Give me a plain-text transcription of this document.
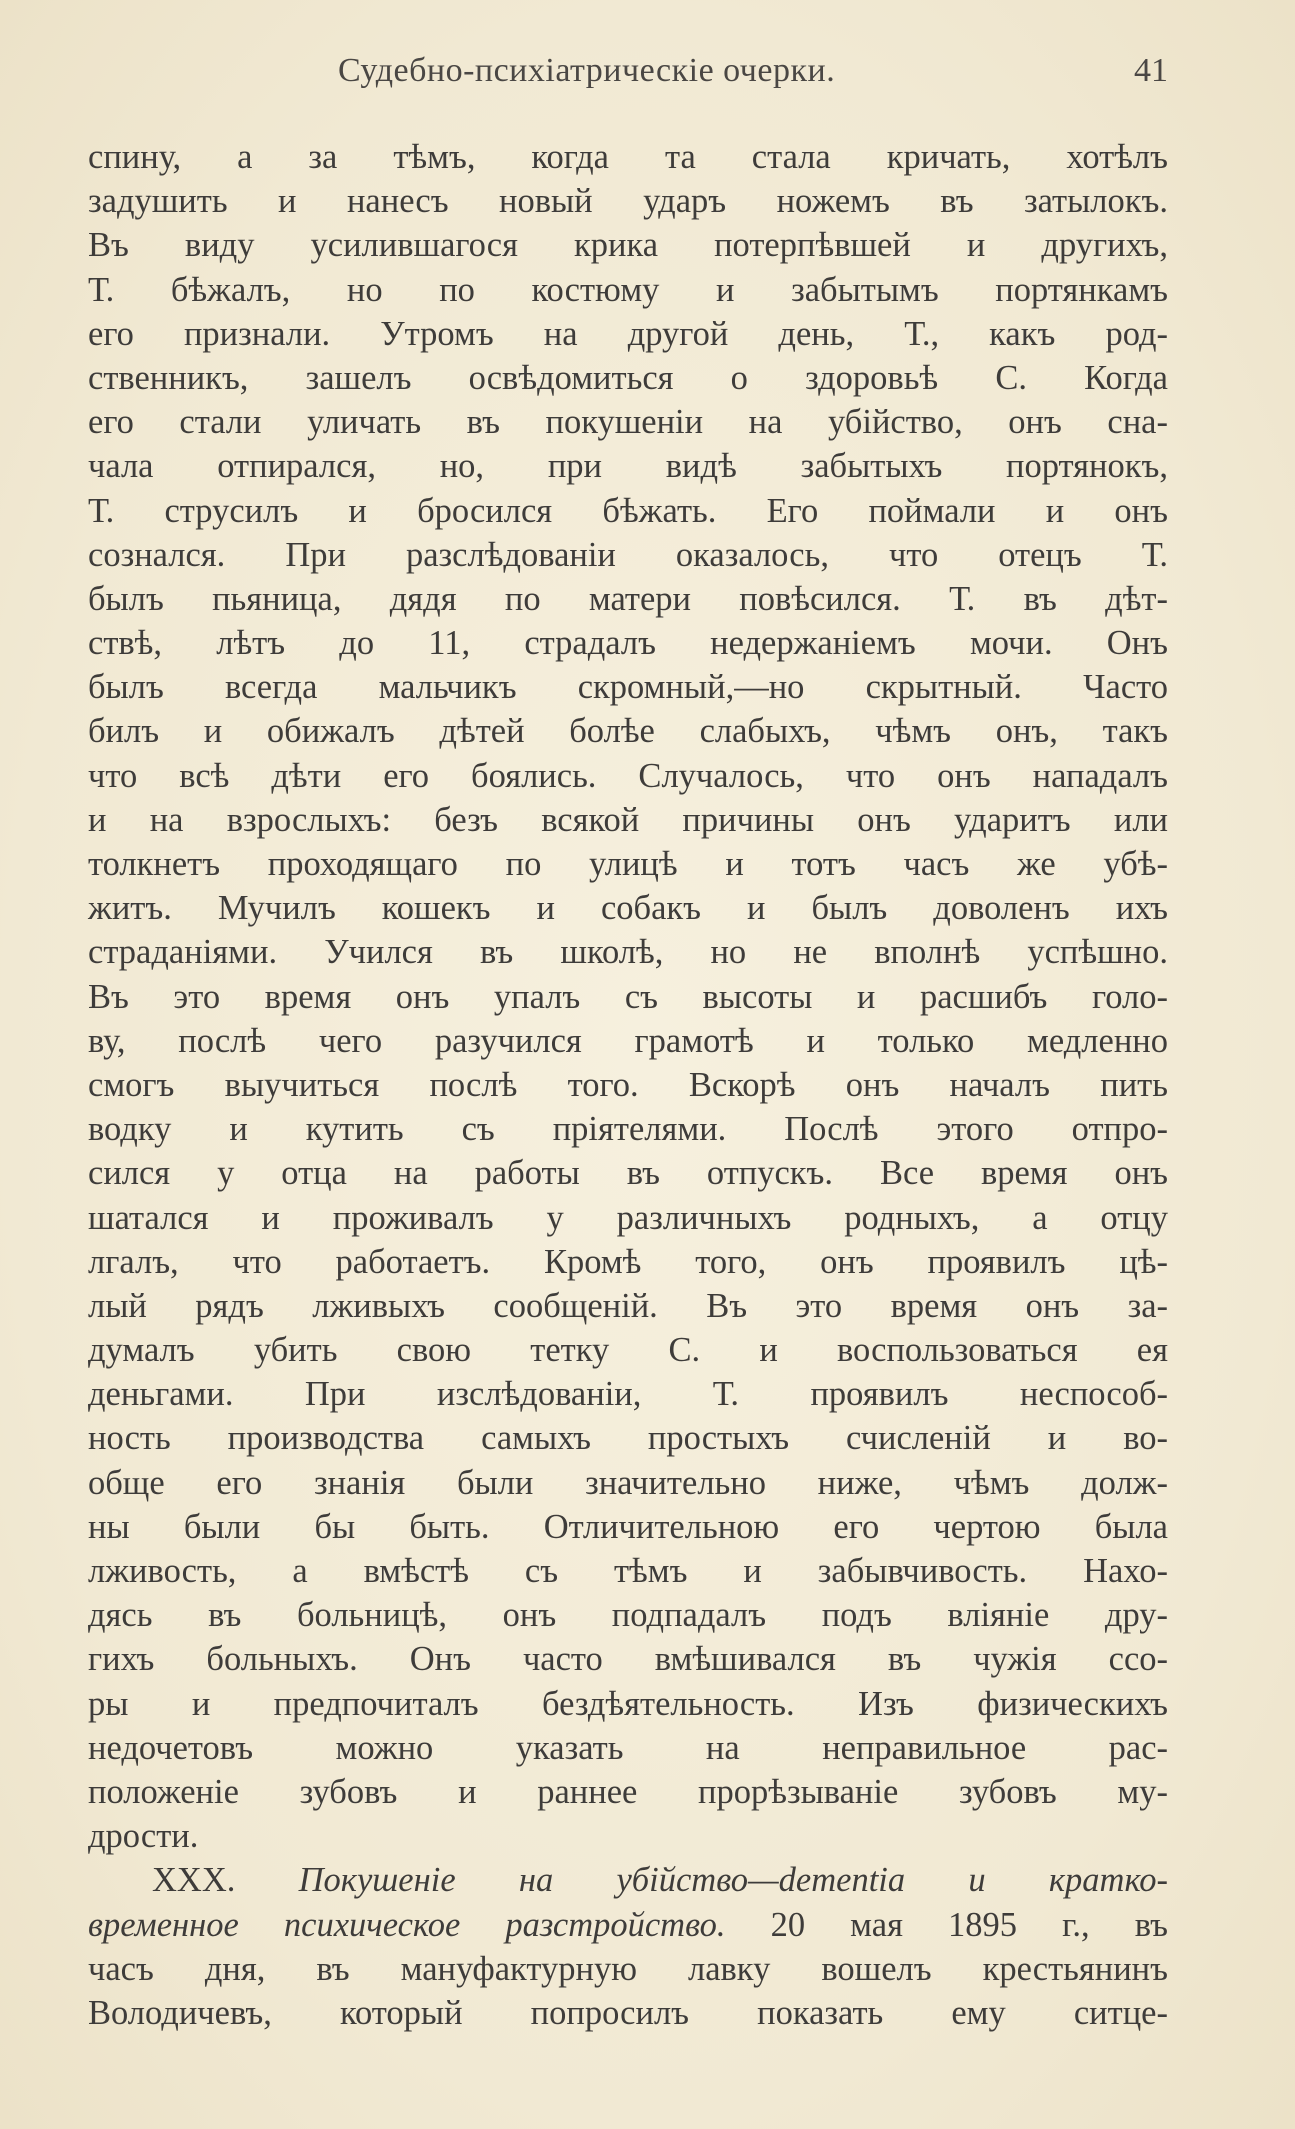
Судебно-психіатрическіе очерки.	41
спину, а за тѣмъ, когда та стала кричать, хотѣлъ
задушить и нанесъ новый ударъ ножемъ въ затылокъ.
Въ виду усилившагося крика потерпѣвшей и другихъ,
Т. бѣжалъ, но по костюму и забытымъ портянкамъ
его признали. Утромъ на другой день, Т., какъ род-
ственникъ, зашелъ освѣдомиться о здоровьѣ С. Когда
его стали уличать въ покушеніи на убійство, онъ сна-
чала отпирался, но, при видѣ забытыхъ портянокъ,
Т. струсилъ и бросился бѣжать. Его поймали и онъ
сознался. При разслѣдованіи оказалось, что отецъ Т.
былъ пьяница, дядя по матери повѣсился. Т. въ дѣт-
ствѣ, лѣтъ до 11, страдалъ недержаніемъ мочи. Онъ
былъ всегда мальчикъ скромный,—но скрытный. Часто
билъ и обижалъ дѣтей болѣе слабыхъ, чѣмъ онъ, такъ
что всѣ дѣти его боялись. Случалось, что онъ нападалъ
и на взрослыхъ: безъ всякой причины онъ ударитъ или
толкнетъ проходящаго по улицѣ и тотъ часъ же убѣ-
житъ. Мучилъ кошекъ и собакъ и былъ доволенъ ихъ
страданіями. Учился въ школѣ, но не вполнѣ успѣшно.
Въ это время онъ упалъ съ высоты и расшибъ голо-
ву, послѣ чего разучился грамотѣ и только медленно
смогъ выучиться послѣ того. Вскорѣ онъ началъ пить
водку и кутить съ пріятелями. Послѣ этого отпро-
сился у отца на работы въ отпускъ. Все время онъ
шатался и проживалъ у различныхъ родныхъ, а отцу
лгалъ, что работаетъ. Кромѣ того, онъ проявилъ цѣ-
лый рядъ лживыхъ сообщеній. Въ это время онъ за-
думалъ убить свою тетку С. и воспользоваться ея
деньгами. При изслѣдованіи, Т. проявилъ неспособ-
ность производства самыхъ простыхъ счисленій и во-
обще его знанія были значительно ниже, чѣмъ долж-
ны были бы быть. Отличительною его чертою была
лживость, а вмѣстѣ съ тѣмъ и забывчивость. Нахо-
дясь въ больницѣ, онъ подпадалъ подъ вліяніе дру-
гихъ больныхъ. Онъ часто вмѣшивался въ чужія ссо-
ры и предпочиталъ бездѣятельность. Изъ физическихъ
недочетовъ можно указать на неправильное рас-
положеніе зубовъ и раннее прорѣзываніе зубовъ му-
дрости.
XXX. Покушеніе на убійство—dementia и кратко-
временное психическое разстройство. 20 мая 1895 г., въ
часъ дня, въ мануфактурную лавку вошелъ крестьянинъ
Володичевъ, который попросилъ показать ему ситце-
